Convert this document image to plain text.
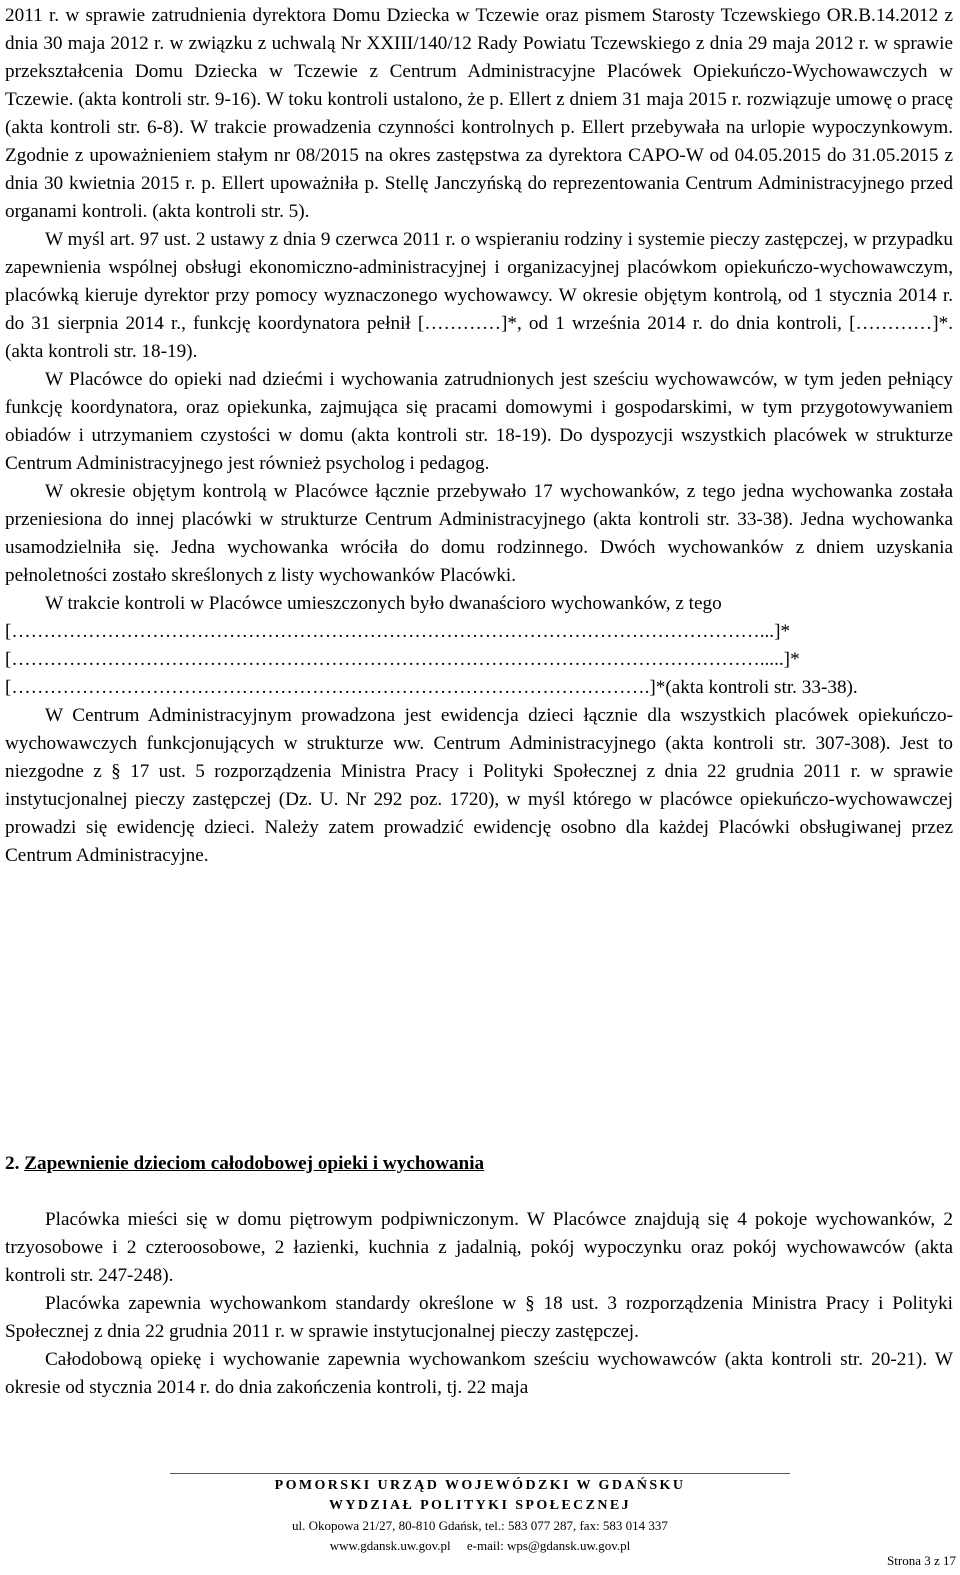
2011 r. w sprawie zatrudnienia dyrektora Domu Dziecka w Tczewie oraz pismem Starosty Tczewskiego OR.B.14.2012 z dnia 30 maja 2012 r. w związku z uchwalą Nr XXIII/140/12 Rady Powiatu Tczewskiego z dnia 29 maja 2012 r. w sprawie przekształcenia Domu Dziecka w Tczewie z Centrum Administracyjne Placówek Opiekuńczo-Wychowawczych w Tczewie. (akta kontroli str. 9-16). W toku kontroli ustalono, że p. Ellert z dniem 31 maja 2015 r. rozwiązuje umowę o pracę (akta kontroli str. 6-8). W trakcie prowadzenia czynności kontrolnych p. Ellert przebywała na urlopie wypoczynkowym. Zgodnie z upoważnieniem stałym nr 08/2015 na okres zastępstwa za dyrektora CAPO-W od 04.05.2015 do 31.05.2015 z dnia 30 kwietnia 2015 r. p. Ellert upoważniła p. Stellę Janczyńską do reprezentowania Centrum Administracyjnego przed organami kontroli. (akta kontroli str. 5).

W myśl art. 97 ust. 2 ustawy z dnia 9 czerwca 2011 r. o wspieraniu rodziny i systemie pieczy zastępczej, w przypadku zapewnienia wspólnej obsługi ekonomiczno-administracyjnej i organizacyjnej placówkom opiekuńczo-wychowawczym, placówką kieruje dyrektor przy pomocy wyznaczonego wychowawcy. W okresie objętym kontrolą, od 1 stycznia 2014 r. do 31 sierpnia 2014 r., funkcję koordynatora pełnił […………]*, od 1 września 2014 r. do dnia kontroli, […………]*. (akta kontroli str. 18-19).

W Placówce do opieki nad dziećmi i wychowania zatrudnionych jest sześciu wychowawców, w tym jeden pełniący funkcję koordynatora, oraz opiekunka, zajmująca się pracami domowymi i gospodarskimi, w tym przygotowywaniem obiadów i utrzymaniem czystości w domu (akta kontroli str. 18-19). Do dyspozycji wszystkich placówek w strukturze Centrum Administracyjnego jest również psycholog i pedagog.

W okresie objętym kontrolą w Placówce łącznie przebywało 17 wychowanków, z tego jedna wychowanka została przeniesiona do innej placówki w strukturze Centrum Administracyjnego (akta kontroli str. 33-38). Jedna wychowanka usamodzielniła się. Jedna wychowanka wróciła do domu rodzinnego. Dwóch wychowanków z dniem uzyskania pełnoletności zostało skreślonych z listy wychowanków Placówki.

W trakcie kontroli w Placówce umieszczonych było dwanaścioro wychowanków, z tego

[………………………………………………………………………………………………………...]*

[……………………………………………………………………………………………………….....]*

[……………………………………………………………………………………….]*(akta kontroli str. 33-38).

W Centrum Administracyjnym prowadzona jest ewidencja dzieci łącznie dla wszystkich placówek opiekuńczo-wychowawczych funkcjonujących w strukturze ww. Centrum Administracyjnego (akta kontroli str. 307-308). Jest to niezgodne z § 17 ust. 5 rozporządzenia Ministra Pracy i Polityki Społecznej z dnia 22 grudnia 2011 r. w sprawie instytucjonalnej pieczy zastępczej (Dz. U. Nr 292 poz. 1720), w myśl którego w placówce opiekuńczo-wychowawczej prowadzi się ewidencję dzieci. Należy zatem prowadzić ewidencję osobno dla każdej Placówki obsługiwanej przez Centrum Administracyjne.

2. Zapewnienie dzieciom całodobowej opieki i wychowania

Placówka mieści się w domu piętrowym podpiwniczonym. W Placówce znajdują się 4 pokoje wychowanków, 2 trzyosobowe i 2 czteroosobowe, 2 łazienki, kuchnia z jadalnią, pokój wypoczynku oraz pokój wychowawców (akta kontroli str. 247-248).

Placówka zapewnia wychowankom standardy określone w § 18 ust. 3 rozporządzenia Ministra Pracy i Polityki Społecznej z dnia 22 grudnia 2011 r. w sprawie instytucjonalnej pieczy zastępczej.

Całodobową opiekę i wychowanie zapewnia wychowankom sześciu wychowawców (akta kontroli str. 20-21). W okresie od stycznia 2014 r. do dnia zakończenia kontroli, tj. 22 maja

POMORSKI URZĄD WOJEWÓDZKI W GDAŃSKU
WYDZIAŁ POLITYKI SPOŁECZNEJ
ul. Okopowa 21/27, 80-810 Gdańsk, tel.: 583 077 287, fax: 583 014 337
www.gdansk.uw.gov.pl     e-mail: wps@gdansk.uw.gov.pl
Strona 3 z 17
